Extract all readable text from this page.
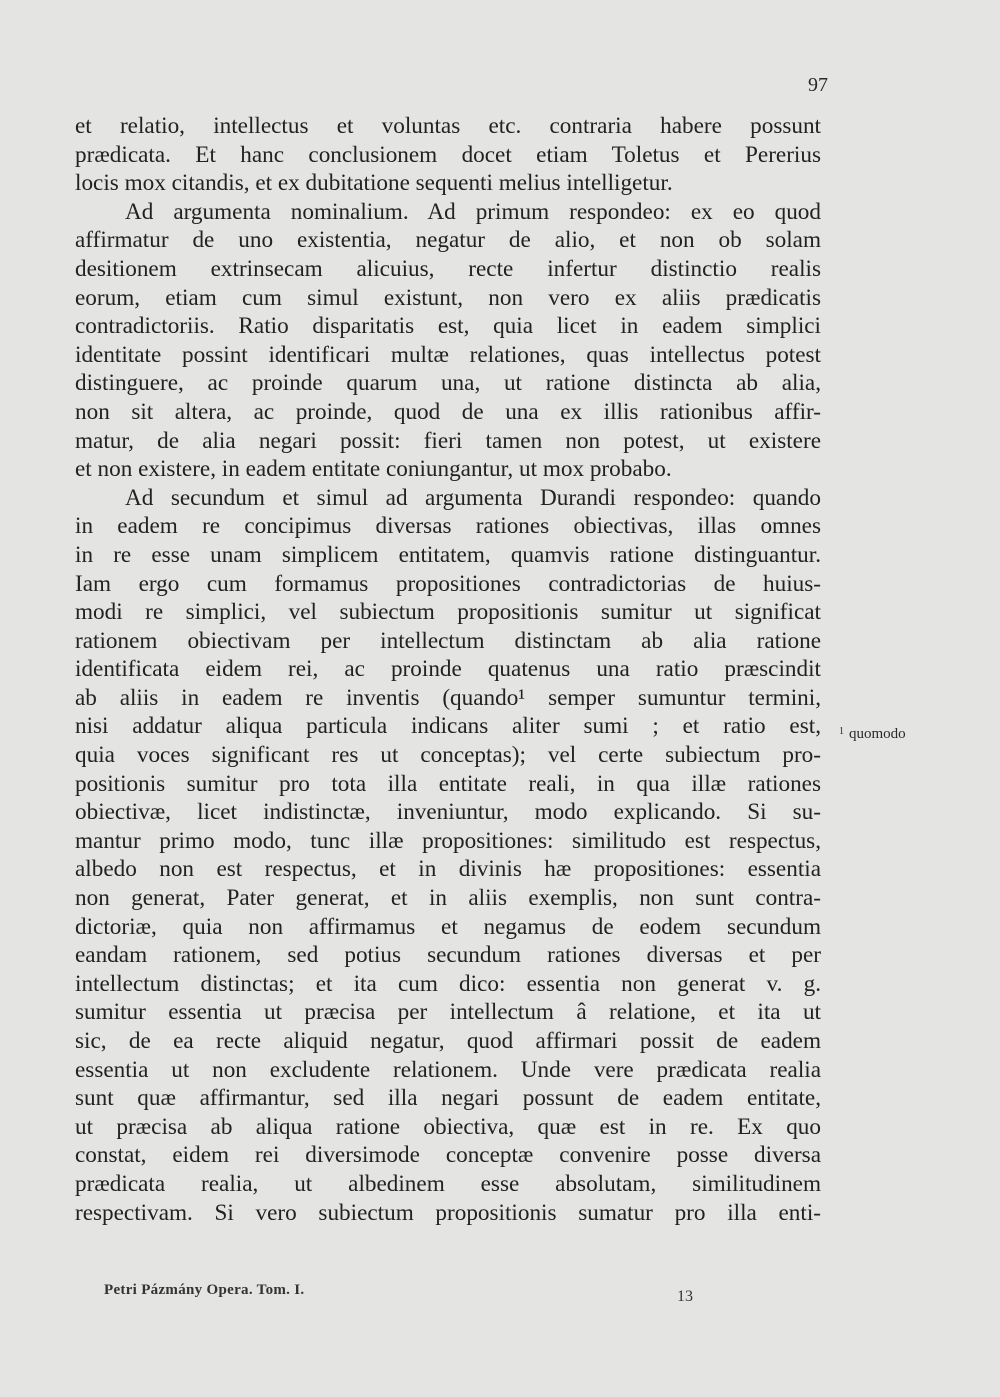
97
et relatio, intellectus et voluntas etc. contraria habere possunt
prædicata. Et hanc conclusionem docet etiam Toletus et Pererius
locis mox citandis, et ex dubitatione sequenti melius intelligetur.
Ad argumenta nominalium. Ad primum respondeo: ex eo quod
affirmatur de uno existentia, negatur de alio, et non ob solam
desitionem extrinsecam alicuius, recte infertur distinctio realis
eorum, etiam cum simul existunt, non vero ex aliis prædicatis
contradictoriis. Ratio disparitatis est, quia licet in eadem simplici
identitate possint identificari multæ relationes, quas intellectus potest
distinguere, ac proinde quarum una, ut ratione distincta ab alia,
non sit altera, ac proinde, quod de una ex illis rationibus affir-
matur, de alia negari possit: fieri tamen non potest, ut existere
et non existere, in eadem entitate coniungantur, ut mox probabo.
Ad secundum et simul ad argumenta Durandi respondeo: quando
in eadem re concipimus diversas rationes obiectivas, illas omnes
in re esse unam simplicem entitatem, quamvis ratione distinguantur.
Iam ergo cum formamus propositiones contradictorias de huius-
modi re simplici, vel subiectum propositionis sumitur ut significat
rationem obiectivam per intellectum distinctam ab alia ratione
identificata eidem rei, ac proinde quatenus una ratio præscindit
ab aliis in eadem re inventis (quando¹ semper sumuntur termini,
nisi addatur aliqua particula indicans aliter sumi ; et ratio est,
quia voces significant res ut conceptas); vel certe subiectum pro-
positionis sumitur pro tota illa entitate reali, in qua illæ rationes
obiectivæ, licet indistinctæ, inveniuntur, modo explicando. Si su-
mantur primo modo, tunc illæ propositiones: similitudo est respectus,
albedo non est respectus, et in divinis hæ propositiones: essentia
non generat, Pater generat, et in aliis exemplis, non sunt contra-
dictoriæ, quia non affirmamus et negamus de eodem secundum
eandam rationem, sed potius secundum rationes diversas et per
intellectum distinctas; et ita cum dico: essentia non generat v. g.
sumitur essentia ut præcisa per intellectum â relatione, et ita ut
sic, de ea recte aliquid negatur, quod affirmari possit de eadem
essentia ut non excludente relationem. Unde vere prædicata realia
sunt quæ affirmantur, sed illa negari possunt de eadem entitate,
ut præcisa ab aliqua ratione obiectiva, quæ est in re. Ex quo
constat, eidem rei diversimode conceptæ convenire posse diversa
prædicata realia, ut albedinem esse absolutam, similitudinem
respectivam. Si vero subiectum propositionis sumatur pro illa enti-
$^1$ quomodo
Petri Pázmány Opera. Tom. I.	13
